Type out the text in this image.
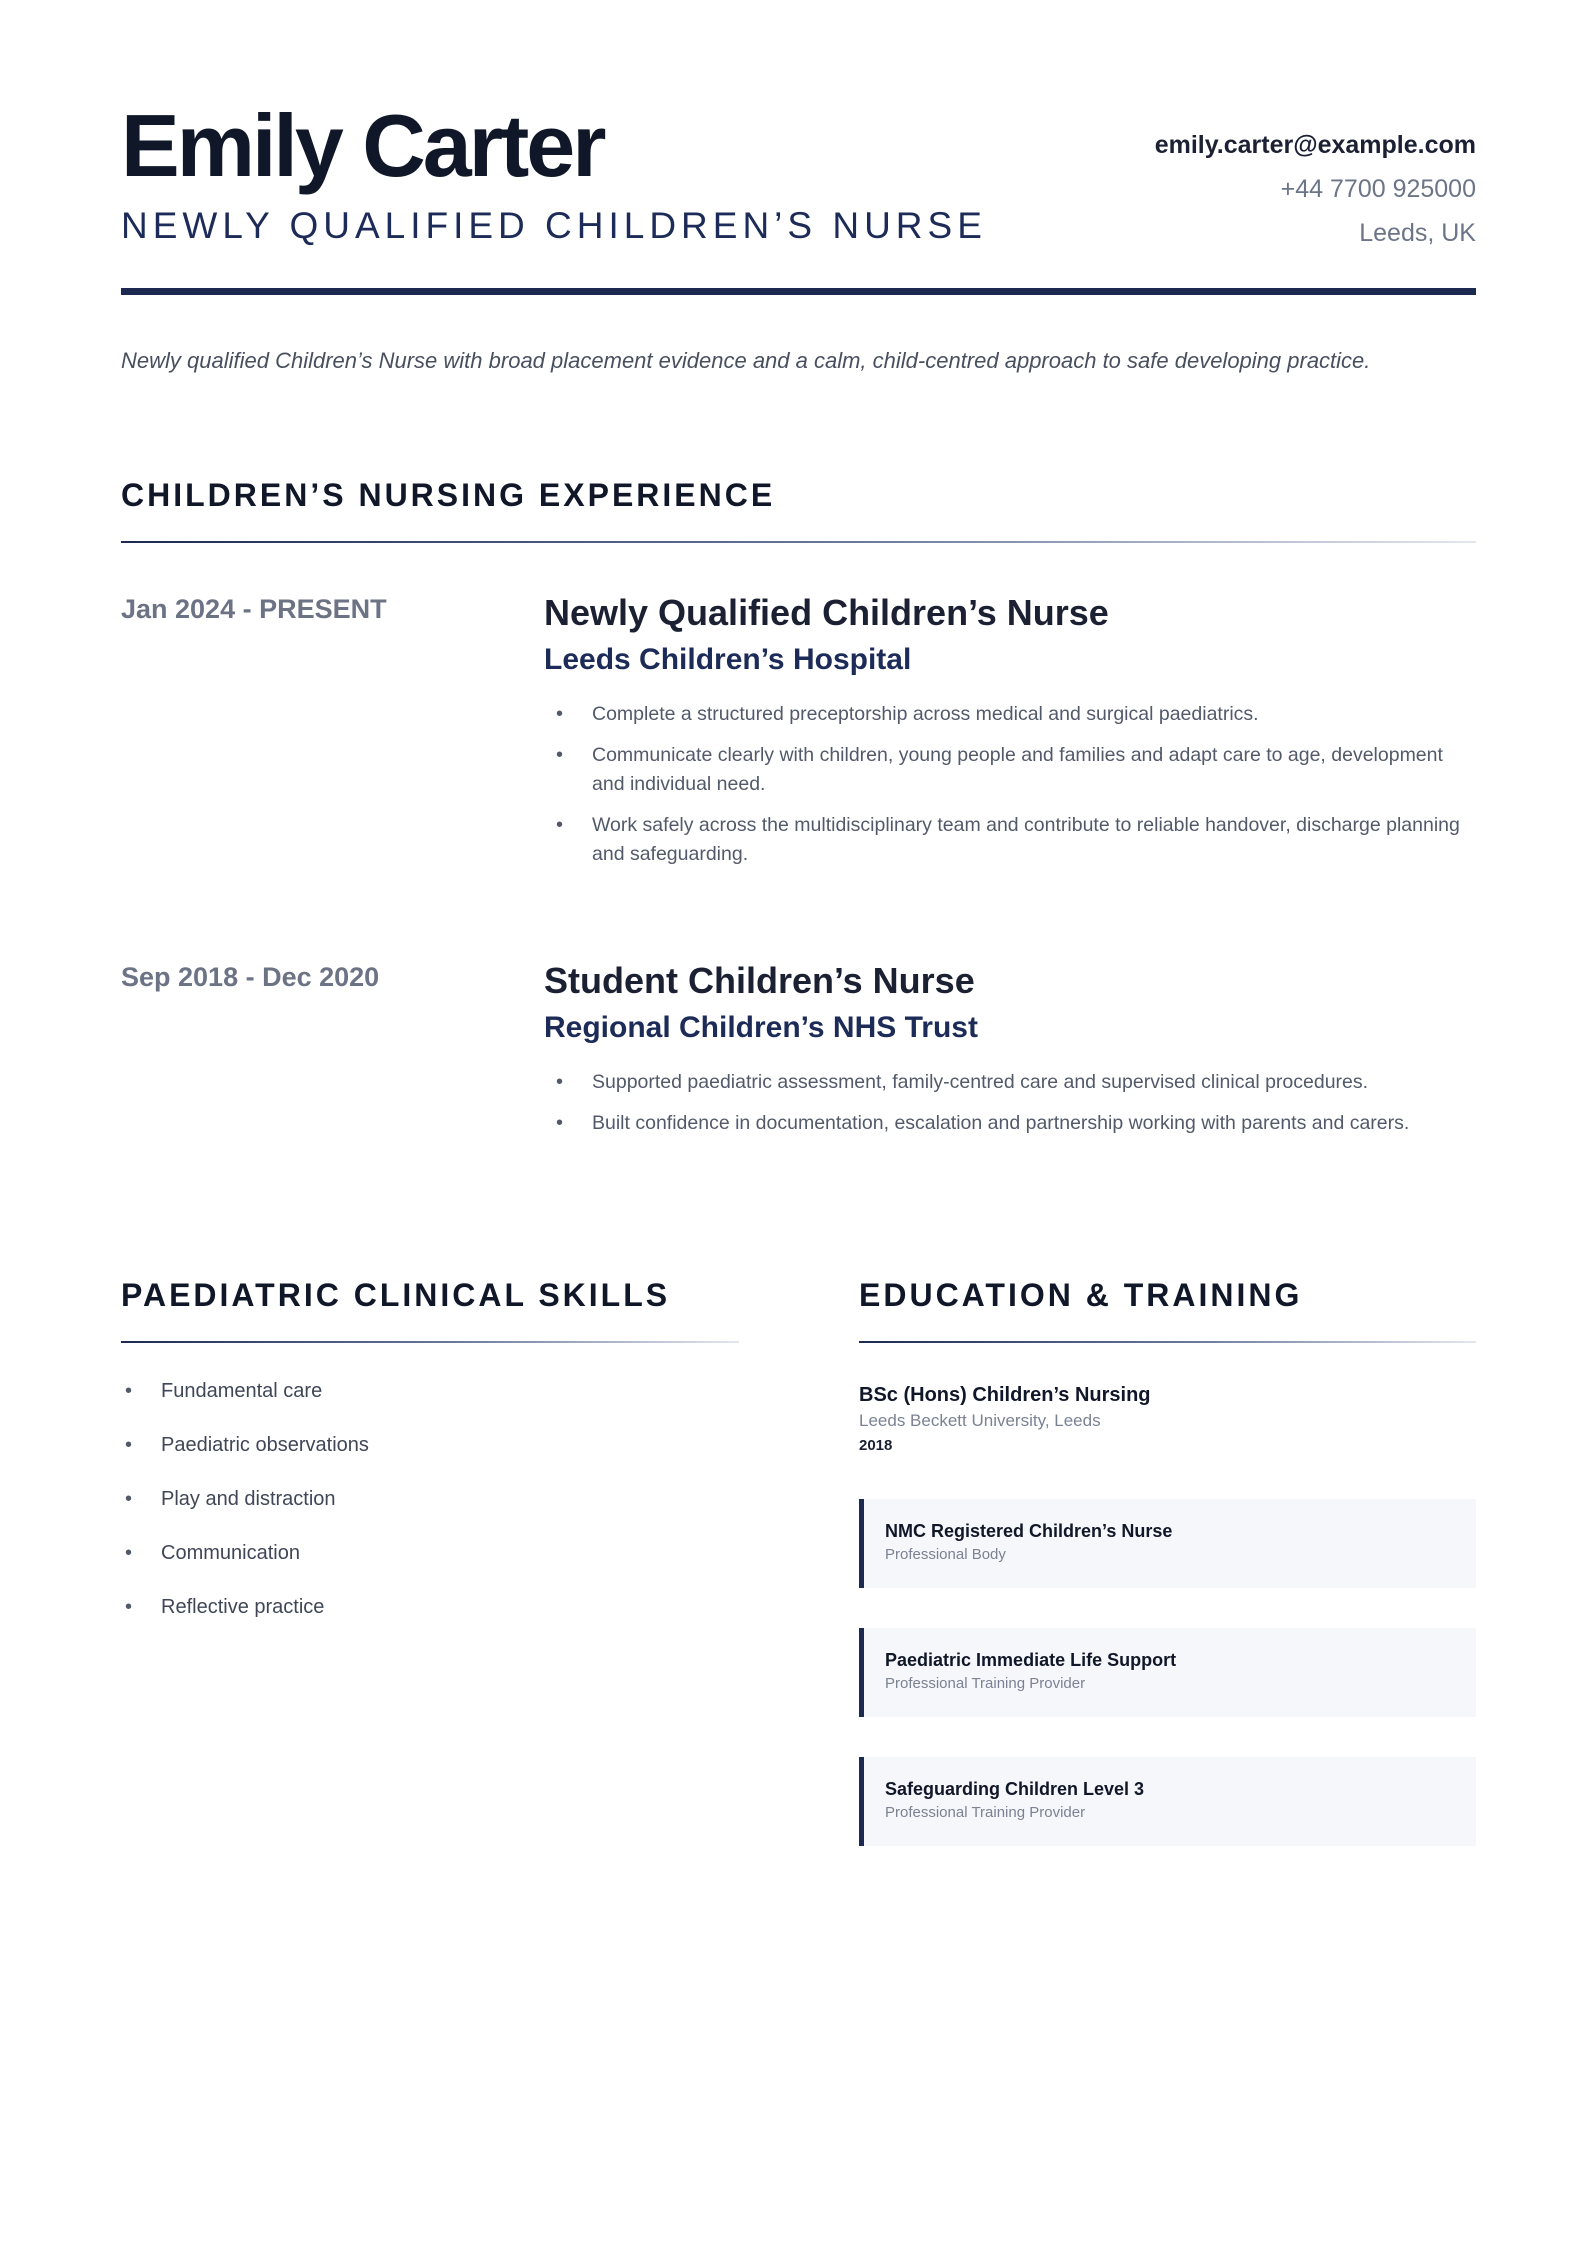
Emily Carter
NEWLY QUALIFIED CHILDREN’S NURSE
emily.carter@example.com
+44 7700 925000
Leeds, UK

Newly qualified Children’s Nurse with broad placement evidence and a calm, child-centred approach to safe developing practice.

CHILDREN’S NURSING EXPERIENCE
Jan 2024 - PRESENT	Newly Qualified Children’s Nurse
Leeds Children’s Hospital
• Complete a structured preceptorship across medical and surgical paediatrics.
• Communicate clearly with children, young people and families and adapt care to age, development and individual need.
• Work safely across the multidisciplinary team and contribute to reliable handover, discharge planning and safeguarding.
Sep 2018 - Dec 2020	Student Children’s Nurse
Regional Children’s NHS Trust
• Supported paediatric assessment, family-centred care and supervised clinical procedures.
• Built confidence in documentation, escalation and partnership working with parents and carers.
PAEDIATRIC CLINICAL SKILLS
• Fundamental care
• Paediatric observations
• Play and distraction
• Communication
• Reflective practice
EDUCATION & TRAINING
BSc (Hons) Children’s Nursing
Leeds Beckett University, Leeds
2018
NMC Registered Children’s Nurse
Professional Body
Paediatric Immediate Life Support
Professional Training Provider
Safeguarding Children Level 3
Professional Training Provider
